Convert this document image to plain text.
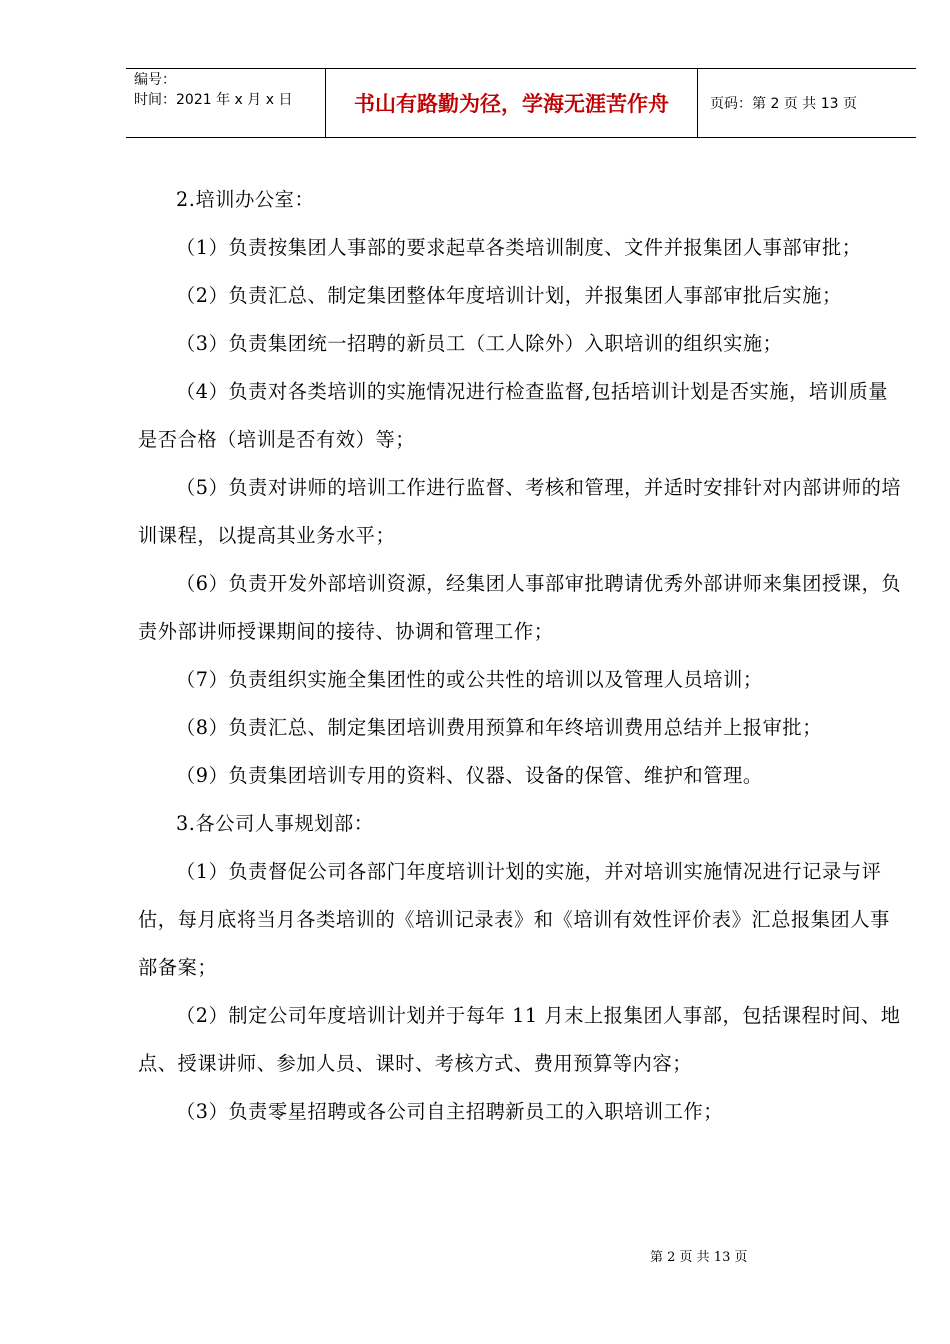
编号：
时间：2021 年 x 月 x 日	书山有路勤为径，学海无涯苦作舟	页码：第 2 页 共 13 页

2.培训办公室：

（1）负责按集团人事部的要求起草各类培训制度、文件并报集团人事部审批；

（2）负责汇总、制定集团整体年度培训计划，并报集团人事部审批后实施；

（3）负责集团统一招聘的新员工（工人除外）入职培训的组织实施；

（4）负责对各类培训的实施情况进行检查监督,包括培训计划是否实施，培训质量是否合格（培训是否有效）等；

（5）负责对讲师的培训工作进行监督、考核和管理，并适时安排针对内部讲师的培训课程，以提高其业务水平；

（6）负责开发外部培训资源，经集团人事部审批聘请优秀外部讲师来集团授课，负责外部讲师授课期间的接待、协调和管理工作；

（7）负责组织实施全集团性的或公共性的培训以及管理人员培训；

（8）负责汇总、制定集团培训费用预算和年终培训费用总结并上报审批；

（9）负责集团培训专用的资料、仪器、设备的保管、维护和管理。

3.各公司人事规划部：

（1）负责督促公司各部门年度培训计划的实施，并对培训实施情况进行记录与评估，每月底将当月各类培训的《培训记录表》和《培训有效性评价表》汇总报集团人事部备案；

（2）制定公司年度培训计划并于每年 11 月末上报集团人事部，包括课程时间、地点、授课讲师、参加人员、课时、考核方式、费用预算等内容；

（3）负责零星招聘或各公司自主招聘新员工的入职培训工作；

第 2 页 共 13 页
